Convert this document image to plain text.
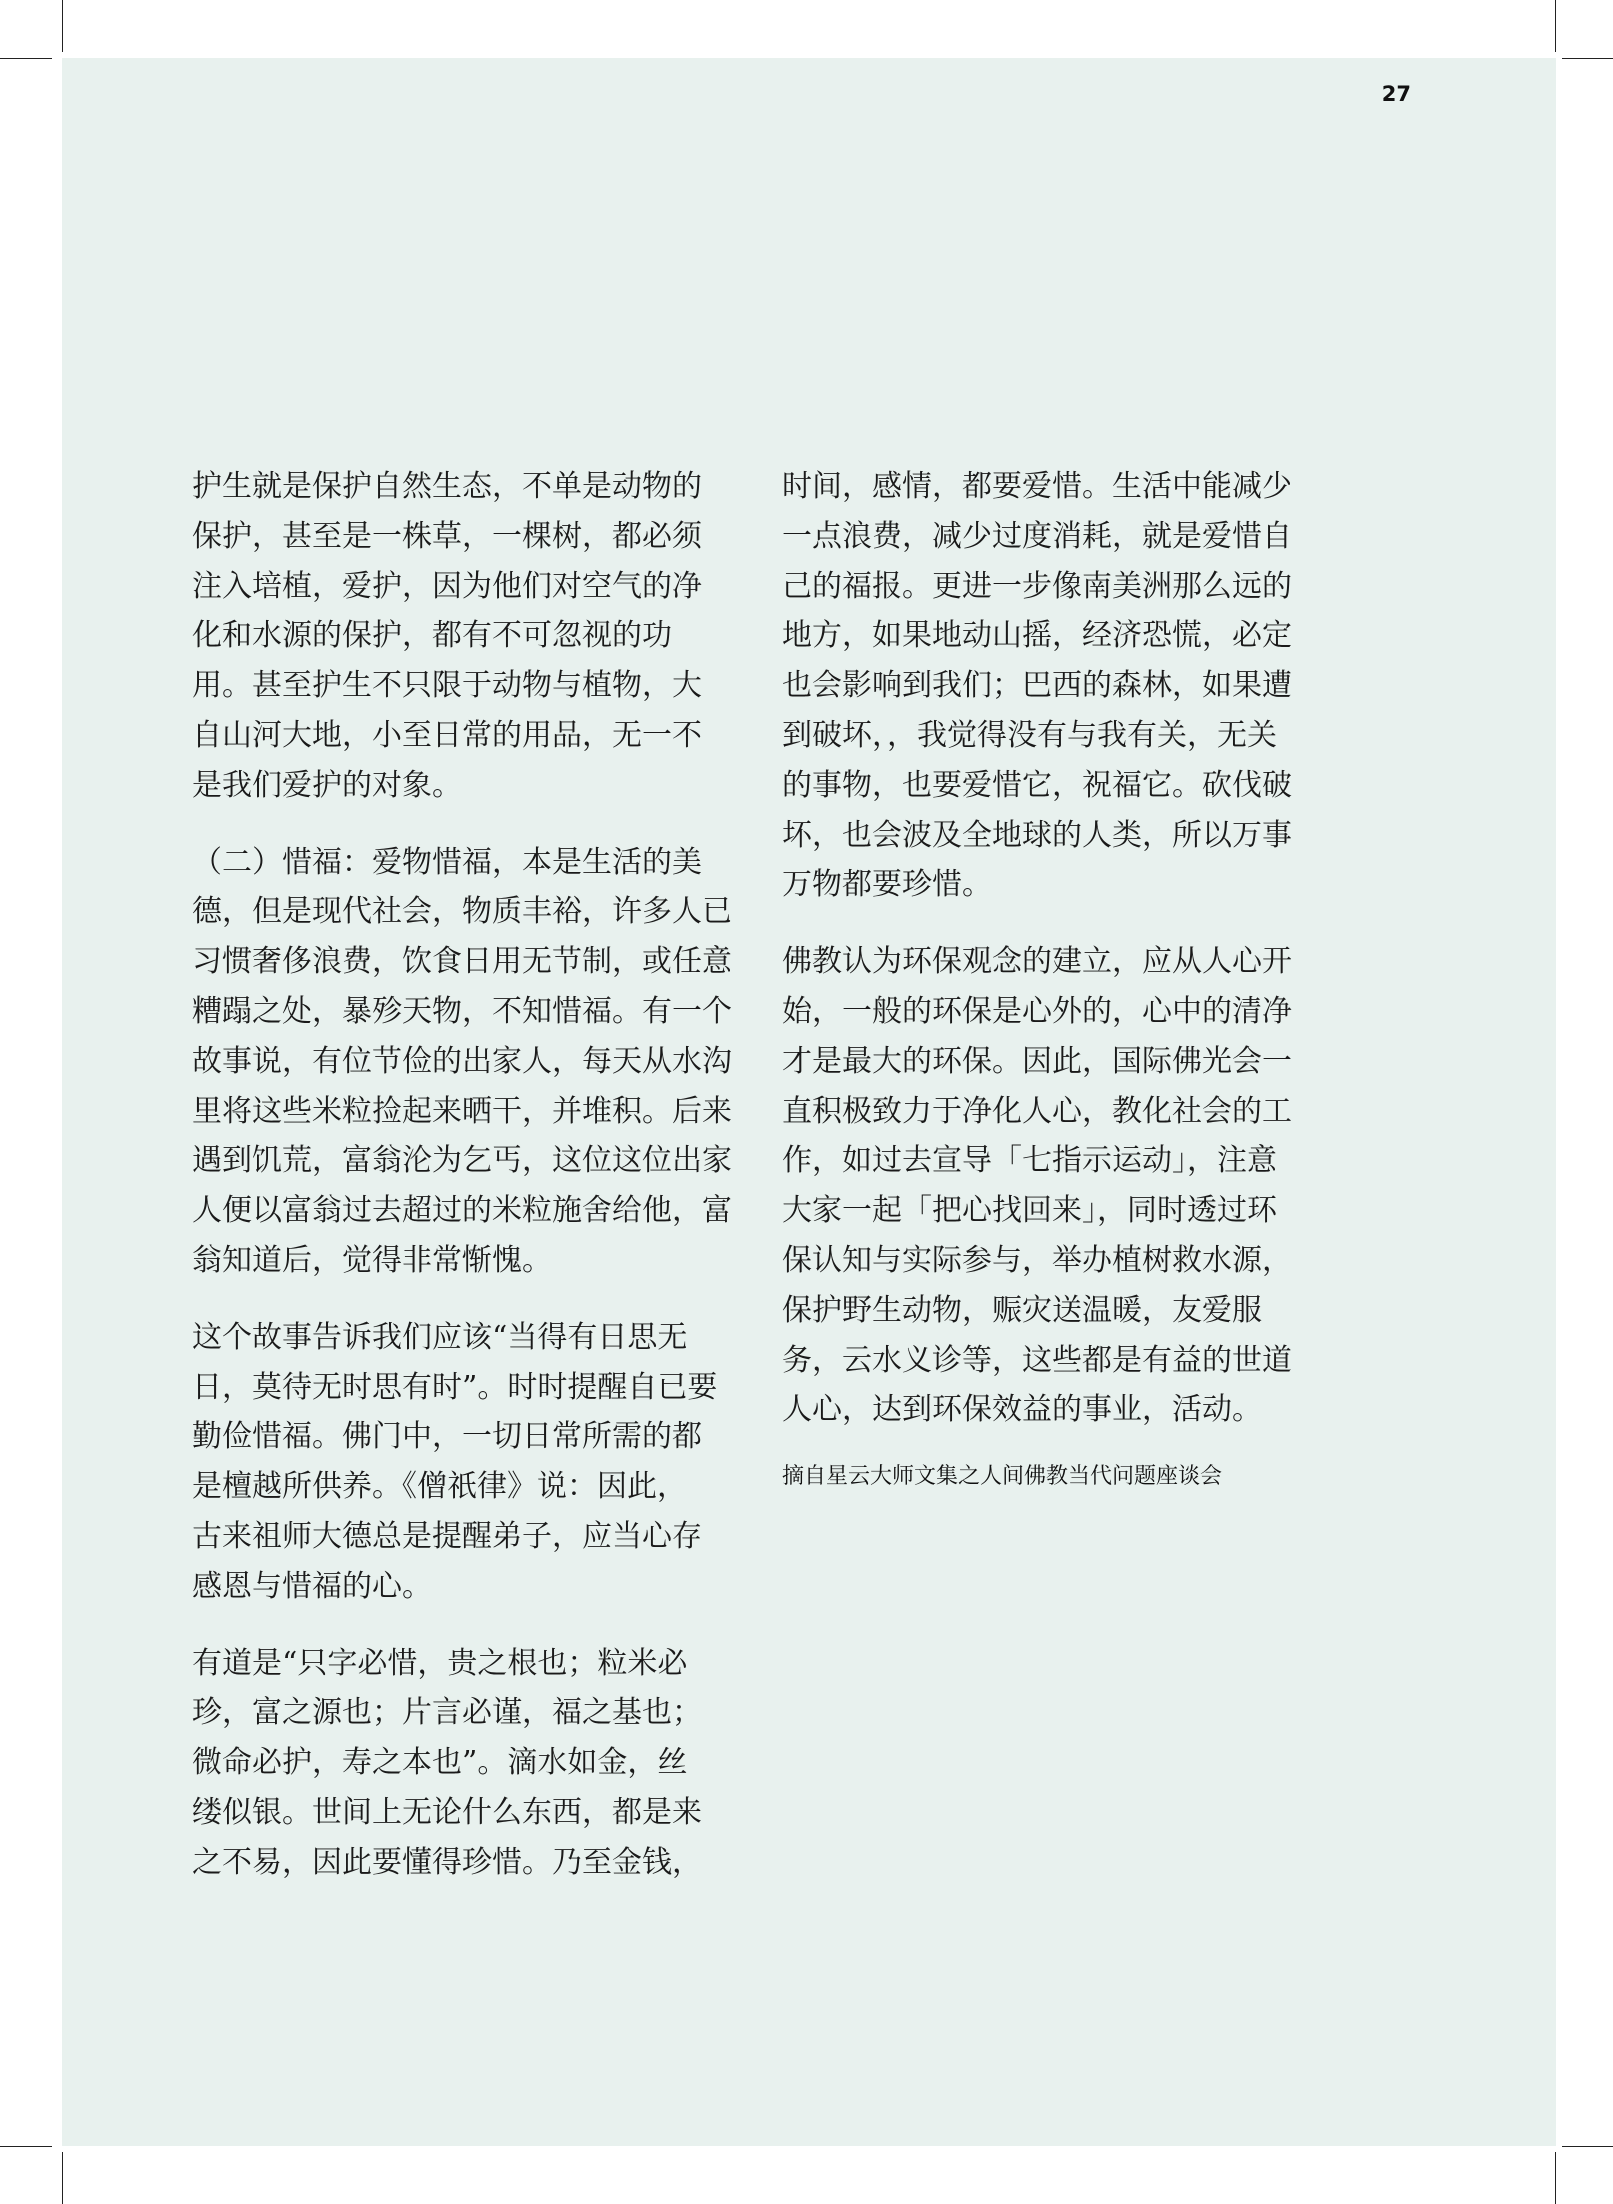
27

护生就是保护自然生态，不单是动物的
保护，甚至是一株草，一棵树，都必须
注入培植，爱护，因为他们对空气的净
化和水源的保护，都有不可忽视的功
用。甚至护生不只限于动物与植物，大
自山河大地，小至日常的用品，无一不
是我们爱护的对象。

（二）惜福：爱物惜福，本是生活的美
德，但是现代社会，物质丰裕，许多人已
习惯奢侈浪费，饮食日用无节制，或任意
糟蹋之处，暴殄天物，不知惜福。有一个
故事说，有位节俭的出家人，每天从水沟
里将这些米粒捡起来晒干，并堆积。后来
遇到饥荒，富翁沦为乞丐，这位这位出家
人便以富翁过去超过的米粒施舍给他，富
翁知道后，觉得非常惭愧。

这个故事告诉我们应该“当得有日思无
日，莫待无时思有时”。时时提醒自已要
勤俭惜福。佛门中，一切日常所需的都
是檀越所供养。《僧祇律》说：因此，
古来祖师大德总是提醒弟子，应当心存
感恩与惜福的心。

有道是“只字必惜，贵之根也；粒米必
珍，富之源也；片言必谨，福之基也；
微命必护，寿之本也”。滴水如金，丝
缕似银。世间上无论什么东西，都是来
之不易，因此要懂得珍惜。乃至金钱，

时间，感情，都要爱惜。生活中能减少
一点浪费，减少过度消耗，就是爱惜自
己的福报。更进一步像南美洲那么远的
地方，如果地动山摇，经济恐慌，必定
也会影响到我们；巴西的森林，如果遭
到破坏，，我觉得没有与我有关，无关
的事物，也要爱惜它，祝福它。砍伐破
坏，也会波及全地球的人类，所以万事
万物都要珍惜。

佛教认为环保观念的建立，应从人心开
始，一般的环保是心外的，心中的清净
才是最大的环保。因此，国际佛光会一
直积极致力于净化人心，教化社会的工
作，如过去宣导「七指示运动」，注意
大家一起「把心找回来」，同时透过环
保认知与实际参与，举办植树救水源，
保护野生动物，赈灾送温暖，友爱服
务，云水义诊等，这些都是有益的世道
人心，达到环保效益的事业，活动。

摘自星云大师文集之人间佛教当代问题座谈会
